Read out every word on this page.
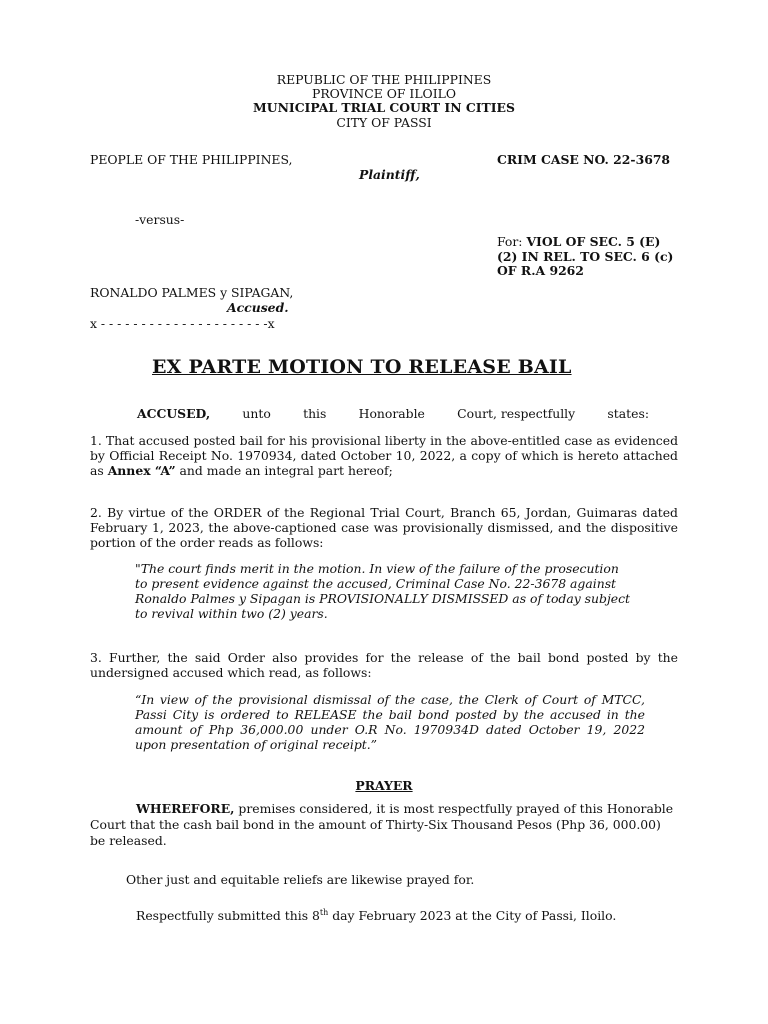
REPUBLIC OF THE PHILIPPINES
PROVINCE OF ILOILO
MUNICIPAL TRIAL COURT IN CITIES
CITY OF PASSI
PEOPLE OF THE PHILIPPINES,
Plaintiff,
CRIM CASE NO. 22-3678
-versus-
For: VIOL OF SEC. 5 (E)
(2) IN REL. TO SEC. 6 (c)
OF R.A 9262
RONALDO PALMES y SIPAGAN,
Accused.
x - - - - - - - - - - - - - - - - - - - - -x
EX PARTE MOTION TO RELEASE BAIL
ACCUSED,	unto	this	Honorable	Court, respectfully	states:
1. That accused posted bail for his provisional liberty in the above-entitled case as evidenced by Official Receipt No. 1970934, dated October 10, 2022, a copy of which is hereto attached as Annex “A” and made an integral part hereof;
2. By virtue of the ORDER of the Regional Trial Court, Branch 65, Jordan, Guimaras dated February 1, 2023, the above-captioned case was provisionally dismissed, and the dispositive portion of the order reads as follows:
"The court finds merit in the motion. In view of the failure of the prosecution to present evidence against the accused, Criminal Case No. 22-3678 against Ronaldo Palmes y Sipagan is PROVISIONALLY DISMISSED as of today subject to revival within two (2) years.
3. Further, the said Order also provides for the release of the bail bond posted by the undersigned accused which read, as follows:
“In view of the provisional dismissal of the case, the Clerk of Court of MTCC, Passi City is ordered to RELEASE the bail bond posted by the accused in the amount of Php 36,000.00 under O.R No. 1970934D dated October 19, 2022 upon presentation of original receipt.”
PRAYER
WHEREFORE, premises considered, it is most respectfully prayed of this Honorable Court that the cash bail bond in the amount of Thirty-Six Thousand Pesos (Php 36, 000.00) be released.
Other just and equitable reliefs are likewise prayed for.
Respectfully submitted this 8th day February 2023 at the City of Passi, Iloilo.
